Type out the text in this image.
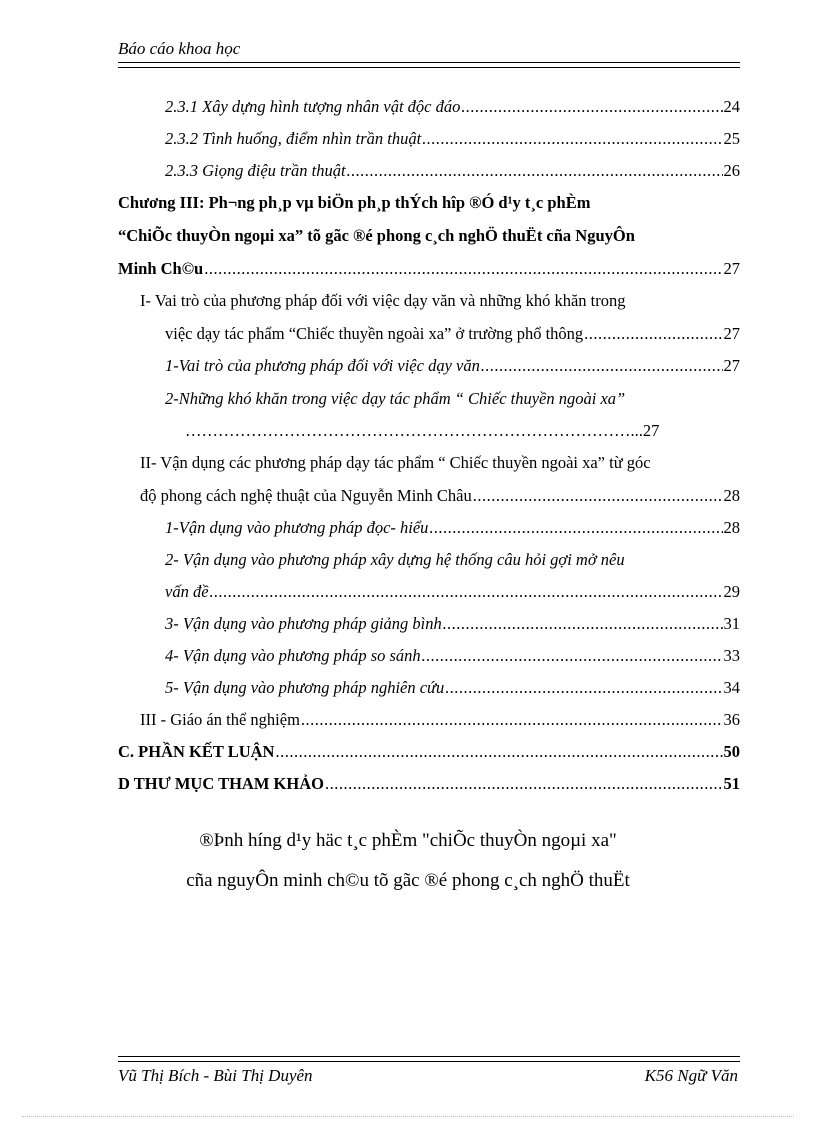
Báo cáo khoa học
2.3.1 Xây dựng hình tượng nhân vật độc đáo .....	24
2.3.2 Tình huống, điểm nhìn trần thuật .....	25
2.3.3 Giọng điệu trần thuật .....	26
Chương III: Ph¬ng ph¸p vµ biÖn ph¸p thÝch hîp ®Ó d¹y t¸c phÈm
“ChiÕc thuyÒn ngoµi xa” tõ gãc ®é phong c¸ch nghÖ thuËt cña NguyÔn
Minh Ch©u .....	27
I- Vai trò của phương pháp đối với việc dạy văn và những khó khăn trong
việc dạy tác phẩm “Chiếc thuyền ngoài xa” ở trường phổ thông .....	27
1-Vai trò của phương pháp đối với việc dạy văn .....	27
2-Những khó khăn trong việc dạy tác phẩm “ Chiếc thuyền ngoài xa”
………………………………………………………………………...27
II- Vận dụng các phương pháp dạy tác phẩm “ Chiếc thuyền ngoài xa” từ góc
độ phong cách nghệ thuật của Nguyễn Minh Châu .....	28
1-Vận dụng vào phương pháp đọc- hiểu .....	28
2- Vận dụng vào phương pháp xây dựng hệ thống câu hỏi gợi mở nêu
vấn đề .....	29
3- Vận dụng vào phương pháp giảng bình .....	31
4- Vận dụng vào phương pháp so sánh .....	33
5- Vận dụng vào phương pháp nghiên cứu .....	34
III - Giáo án thể nghiệm .....	36
C. PHẦN KẾT LUẬN .....	50
D THƯ MỤC THAM KHẢO .....	51
®Þnh híng d¹y häc t¸c phÈm "chiÕc thuyÒn ngoµi xa"
cña nguyÔn minh ch©u tõ gãc ®é phong c¸ch nghÖ thuËt
Vũ Thị Bích - Bùi Thị Duyên	K56 Ngữ Văn
